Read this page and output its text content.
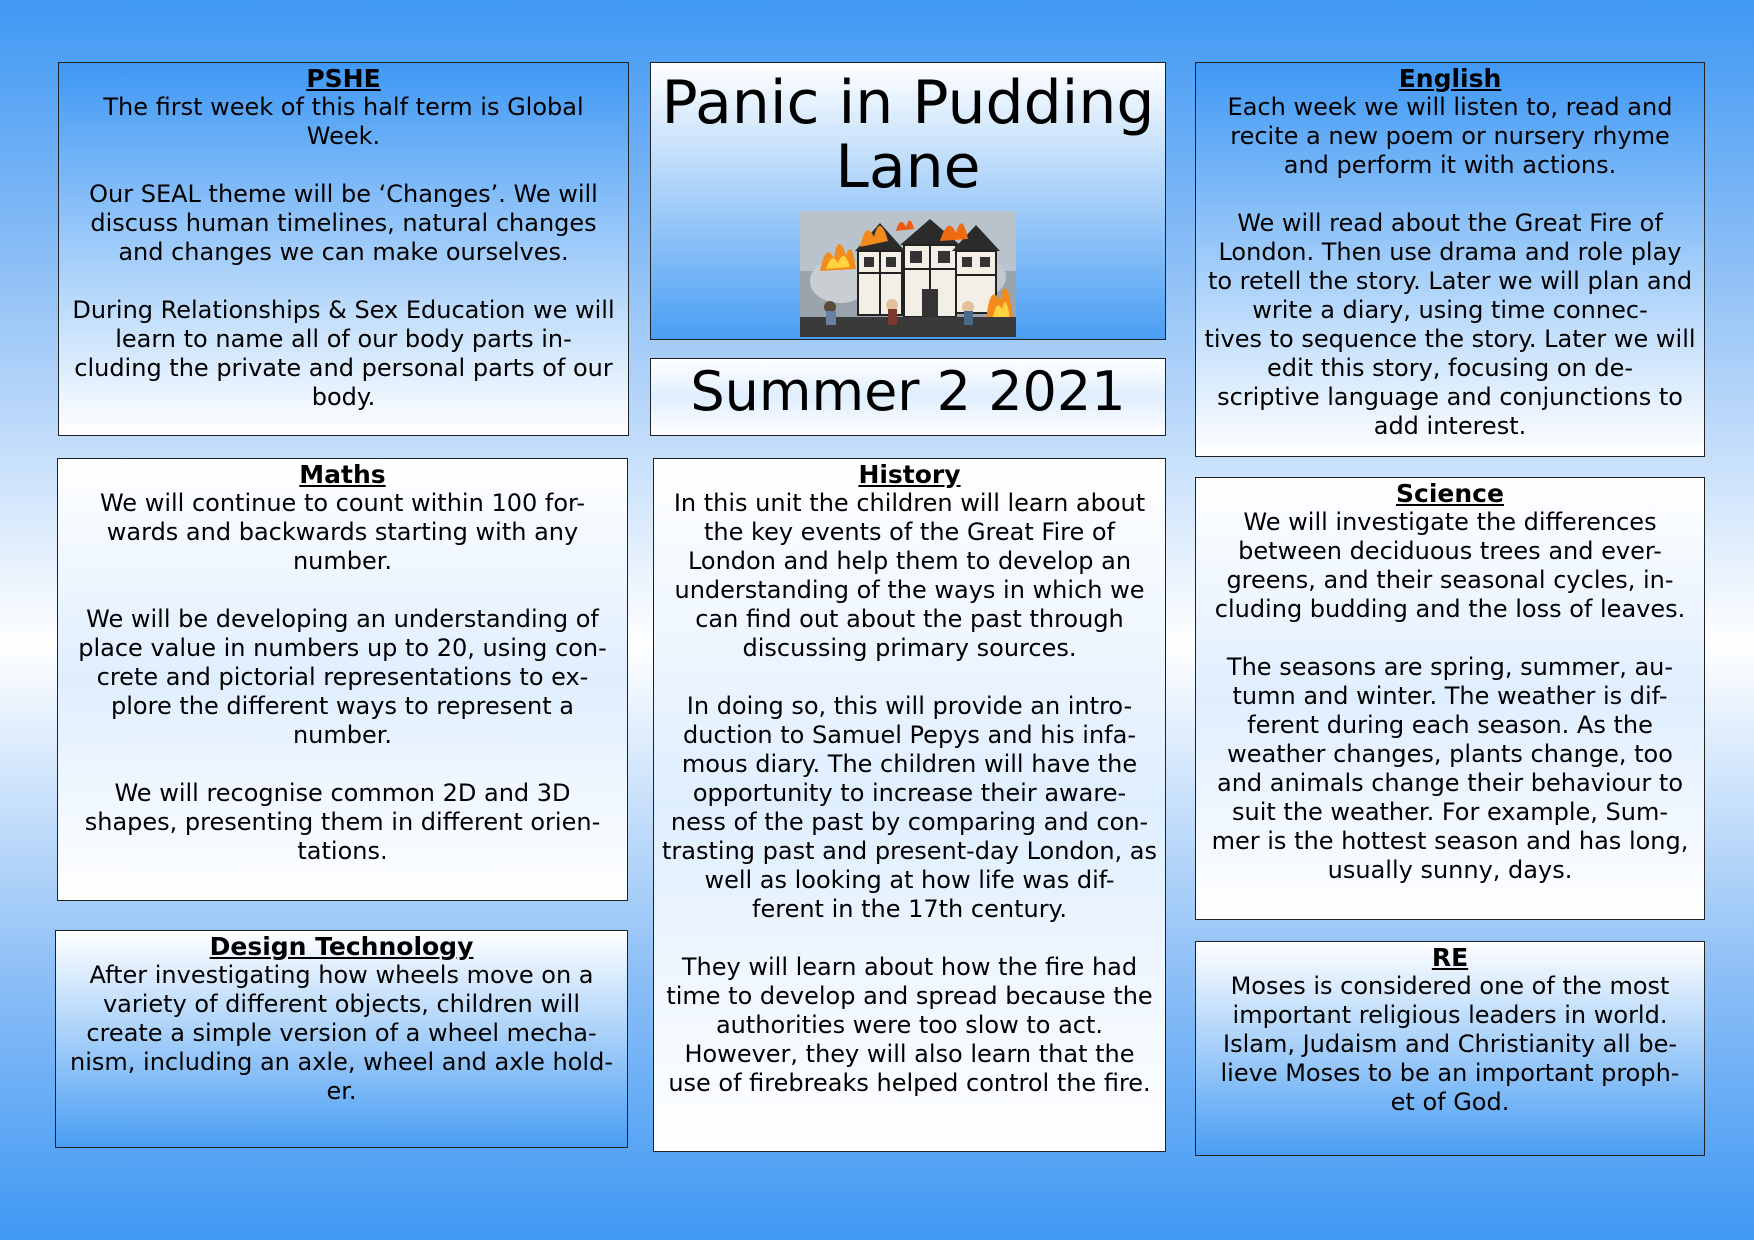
PSHE

The first week of this half term is Global Week.

Our SEAL theme will be ‘Changes’. We will discuss human timelines, natural changes and changes we can make ourselves.

During Relationships & Sex Education we will learn to name all of our body parts in-
cluding the private and personal parts of our body.

Panic in Pudding Lane
Summer 2 2021
English

Each week we will listen to, read and recite a new poem or nursery rhyme and perform it with actions.

We will read about the Great Fire of London. Then use drama and role play to retell the story. Later we will plan and write a diary, using time connec-
tives to sequence the story. Later we will edit this story, focusing on de-
scriptive language and conjunctions to add interest.

Maths

We will continue to count within 100 for-
wards and backwards starting with any number.

We will be developing an understanding of place value in numbers up to 20, using con-
crete and pictorial representations to ex-
plore the different ways to represent a number.

We will recognise common 2D and 3D shapes, presenting them in different orien-
tations.

History

In this unit the children will learn about the key events of the Great Fire of London and help them to develop an understanding of the ways in which we can find out about the past through discussing primary sources.

In doing so, this will provide an intro-
duction to Samuel Pepys and his infa-
mous diary. The children will have the opportunity to increase their aware-
ness of the past by comparing and con-
trasting past and present-day London, as well as looking at how life was dif-
ferent in the 17th century.

They will learn about how the fire had time to develop and spread because the authorities were too slow to act. However, they will also learn that the use of firebreaks helped control the fire.

Science

We will investigate the differences between deciduous trees and ever-
greens, and their seasonal cycles, in-
cluding budding and the loss of leaves.

The seasons are spring, summer, au-
tumn and winter. The weather is dif-
ferent during each season. As the weather changes, plants change, too and animals change their behaviour to suit the weather. For example, Sum-
mer is the hottest season and has long, usually sunny, days.

Design Technology

After investigating how wheels move on a variety of different objects, children will create a simple version of a wheel mecha-
nism, including an axle, wheel and axle hold-
er.

RE

Moses is considered one of the most important religious leaders in world. Islam, Judaism and Christianity all be-
lieve Moses to be an important proph-
et of God.
